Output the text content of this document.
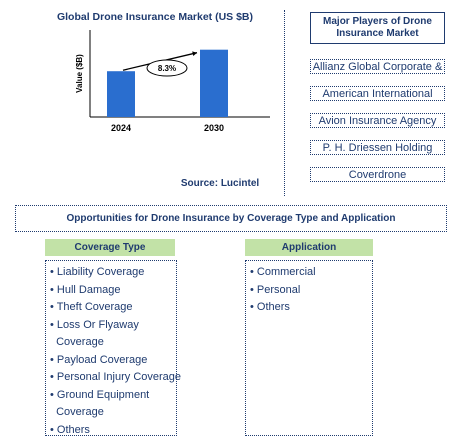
Global Drone Insurance Market (US $B)
2024	2030
Value ($B)	8.3%
Source: Lucintel
Major Players of Drone Insurance Market
Allianz Global Corporate &
American International
Avion Insurance Agency
P. H. Driessen Holding
Coverdrone
Opportunities for Drone Insurance by Coverage Type and Application
Coverage Type
• Liability Coverage
• Hull Damage
• Theft Coverage
• Loss Or Flyaway
Coverage
• Payload Coverage
• Personal Injury Coverage
• Ground Equipment
Coverage
• Others
Application
• Commercial
• Personal
• Others
